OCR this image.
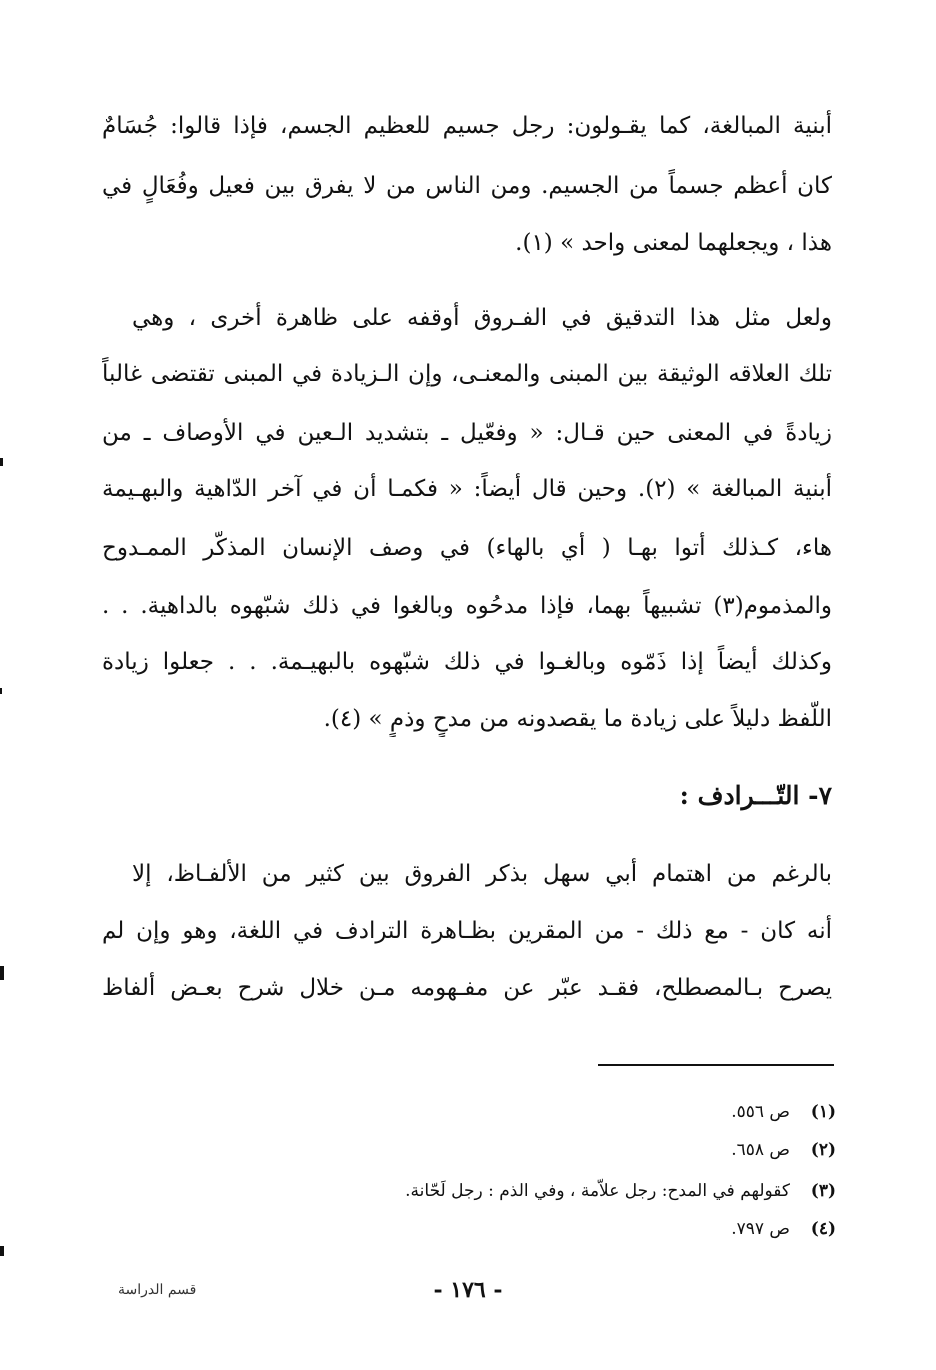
أبنية المبالغة، كما يقـولون: رجل جسيم للعظيم الجسم، فإذا قالوا: جُسَامٌ
كان أعظم جسماً من الجسيم. ومن الناس من لا يفرق بين فعيل وفُعَالٍ في
هذا ، ويجعلهما لمعنى واحد » (١).
ولعل مثل هذا التدقيق في الفـروق أوقفه على ظاهرة أخرى ، وهي
تلك العلاقه الوثيقة بين المبنى والمعنـى، وإن الـزيادة في المبنى تقتضى غالباً
زيادةً في المعنى حين قـال: « وفعّيل ـ بتشديد الـعين في الأوصاف ـ من
أبنية المبالغة » (٢). وحين قال أيضاً: « فكمـا أن في آخر الدّاهية والبهـيمة
هاء، كـذلك أتوا بهـا ( أي بالهاء) في وصف الإنسان المذكّر الممـدوح
والمذموم(٣) تشبيهاً بهما، فإذا مدحُوه وبالغوا في ذلك شبّهوه بالداهية. . .
وكذلك أيضاً إذا ذَمّوه وبالغـوا في ذلك شبّهوه بالبهيـمة. . . جعلوا زيادة
اللّفظ دليلاً على زيادة ما يقصدونه من مدحٍ وذمٍ » (٤).
٧- التّـــرادف :
بالرغم من اهتمام أبي سهل بذكر الفروق بين كثير من الألفـاظ، إلا
أنه كان - مع ذلك - من المقرين بظـاهرة الترادف في اللغة، وهو وإن لم
يصرح بـالمصطلح، فقـد عبّر عن مفـهومه مـن خلال شرح بعـض ألفاظ
(١)ص ٥٥٦.
(٢)ص ٦٥٨.
(٣)كقولهم في المدح: رجل علاّمة ، وفي الذم : رجل لَحّانة.
(٤)ص ٧٩٧.
- ١٧٦ -
قسم الدراسة
